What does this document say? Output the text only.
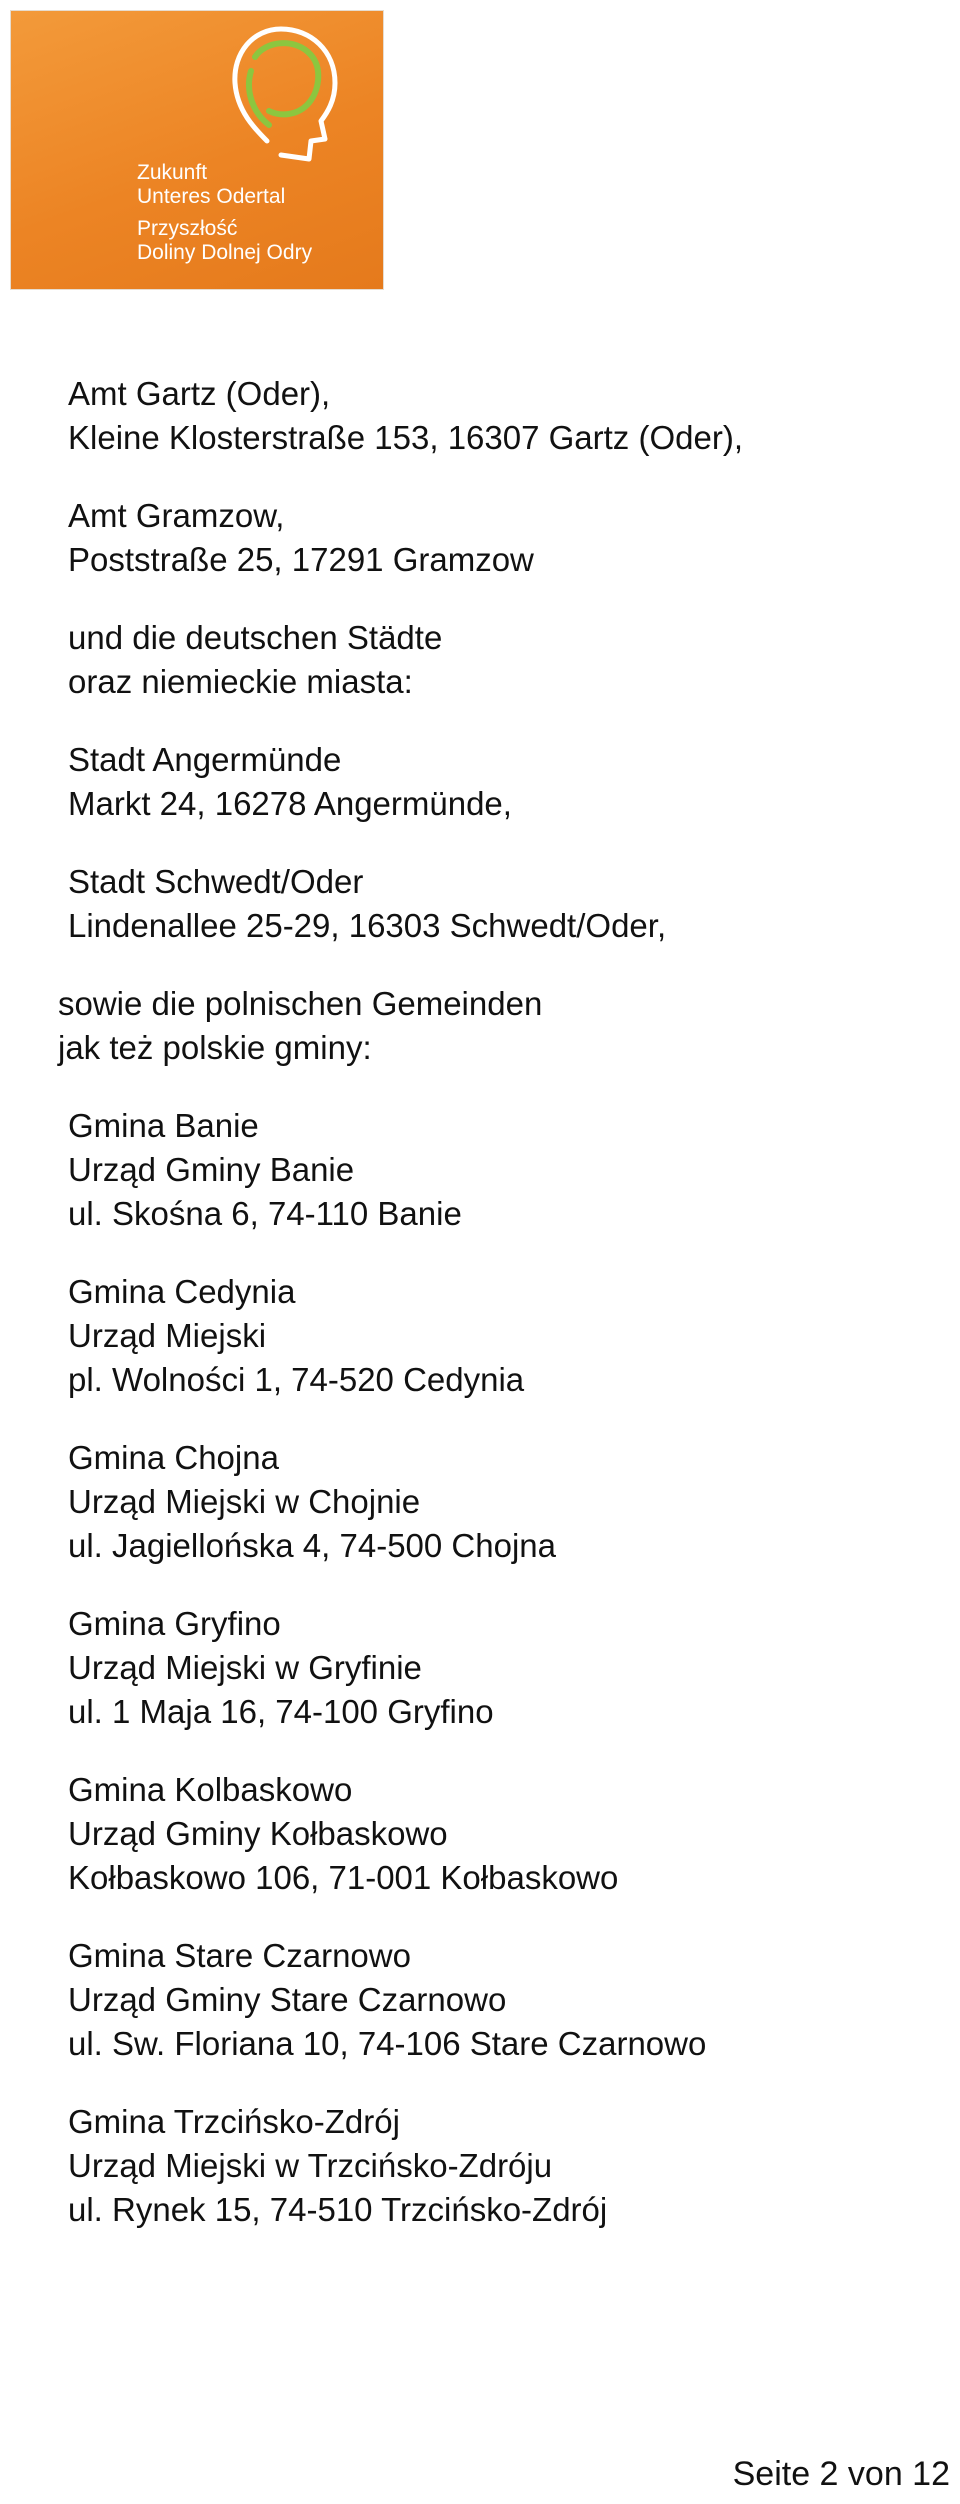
Zukunft
Unteres Odertal
Przyszłość
Doliny Dolnej Odry
Amt Gartz (Oder),
Kleine Klosterstraße 153, 16307 Gartz (Oder),
Amt Gramzow,
Poststraße 25, 17291 Gramzow
und die deutschen Städte
oraz niemieckie miasta:
Stadt Angermünde
Markt 24, 16278 Angermünde,
Stadt Schwedt/Oder
Lindenallee 25-29, 16303 Schwedt/Oder,
sowie die polnischen Gemeinden
jak też polskie gminy:
Gmina Banie
Urząd Gminy Banie
ul. Skośna 6, 74-110 Banie
Gmina Cedynia
Urząd Miejski
pl. Wolności 1, 74-520 Cedynia
Gmina Chojna
Urząd Miejski w Chojnie
ul. Jagiellońska 4, 74-500 Chojna
Gmina Gryfino
Urząd Miejski w Gryfinie
ul. 1 Maja 16, 74-100 Gryfino
Gmina Kolbaskowo
Urząd Gminy Kołbaskowo
Kołbaskowo 106, 71-001 Kołbaskowo
Gmina Stare Czarnowo
Urząd Gminy Stare Czarnowo
ul. Sw. Floriana 10, 74-106 Stare Czarnowo
Gmina Trzcińsko-Zdrój
Urząd Miejski w Trzcińsko-Zdróju
ul. Rynek 15, 74-510 Trzcińsko-Zdrój
Seite 2 von 12
